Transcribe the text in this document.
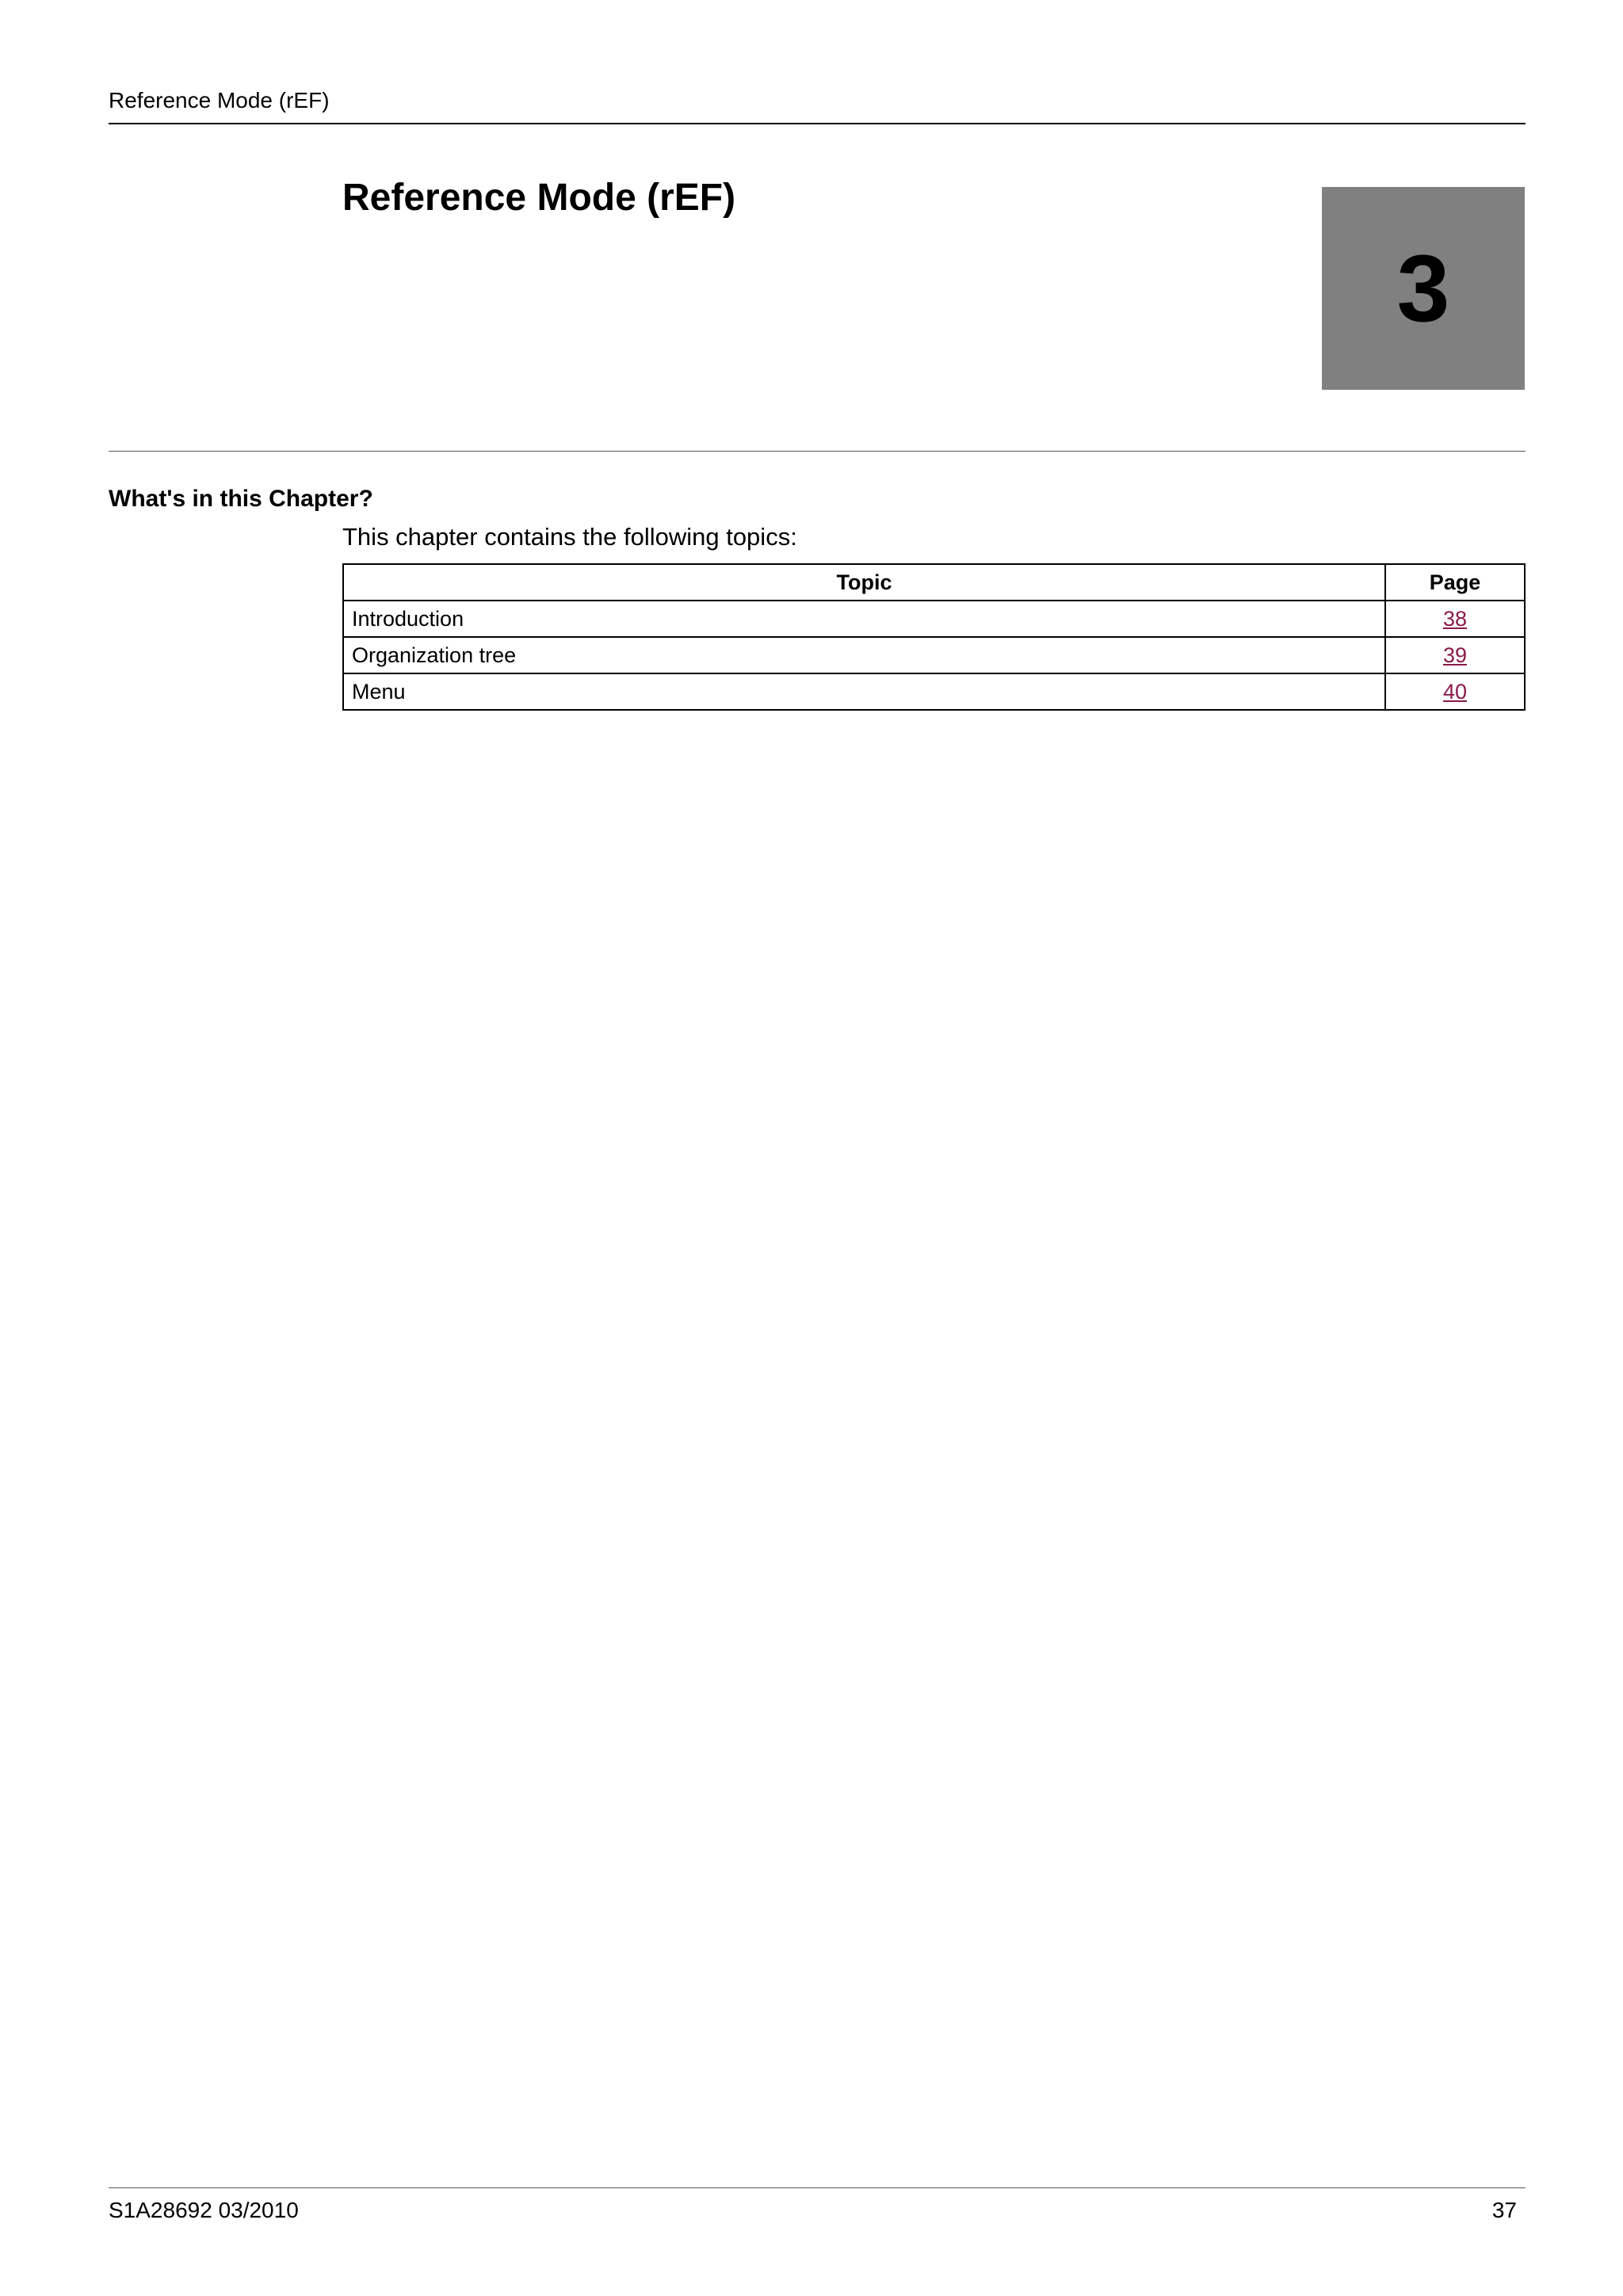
Reference Mode (rEF)
Reference Mode (rEF)
3
What's in this Chapter?
This chapter contains the following topics:
Topic	Page
Introduction	38
Organization tree	39
Menu	40
S1A28692 03/2010	37
